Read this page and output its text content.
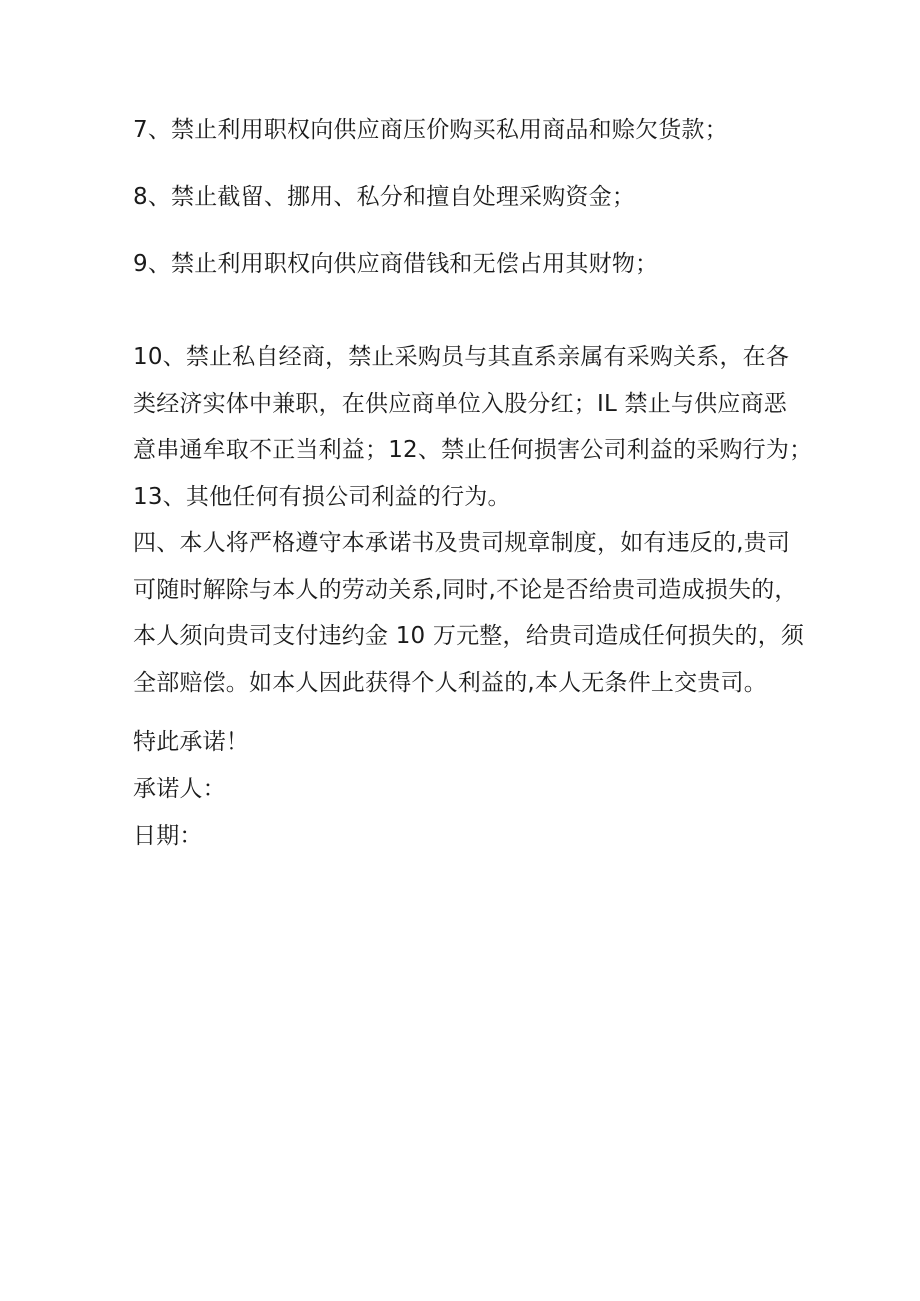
7、禁止利用职权向供应商压价购买私用商品和赊欠货款；
8、禁止截留、挪用、私分和擅自处理采购资金；
9、禁止利用职权向供应商借钱和无偿占用其财物；
10、禁止私自经商，禁止采购员与其直系亲属有采购关系，在各
类经济实体中兼职，在供应商单位入股分红；IL 禁止与供应商恶
意串通牟取不正当利益；12、禁止任何损害公司利益的采购行为；
13、其他任何有损公司利益的行为。
四、本人将严格遵守本承诺书及贵司规章制度，如有违反的,贵司
可随时解除与本人的劳动关系,同时,不论是否给贵司造成损失的，
本人须向贵司支付违约金 10 万元整，给贵司造成任何损失的，须
全部赔偿。如本人因此获得个人利益的,本人无条件上交贵司。
特此承诺！
承诺人：
日期：
